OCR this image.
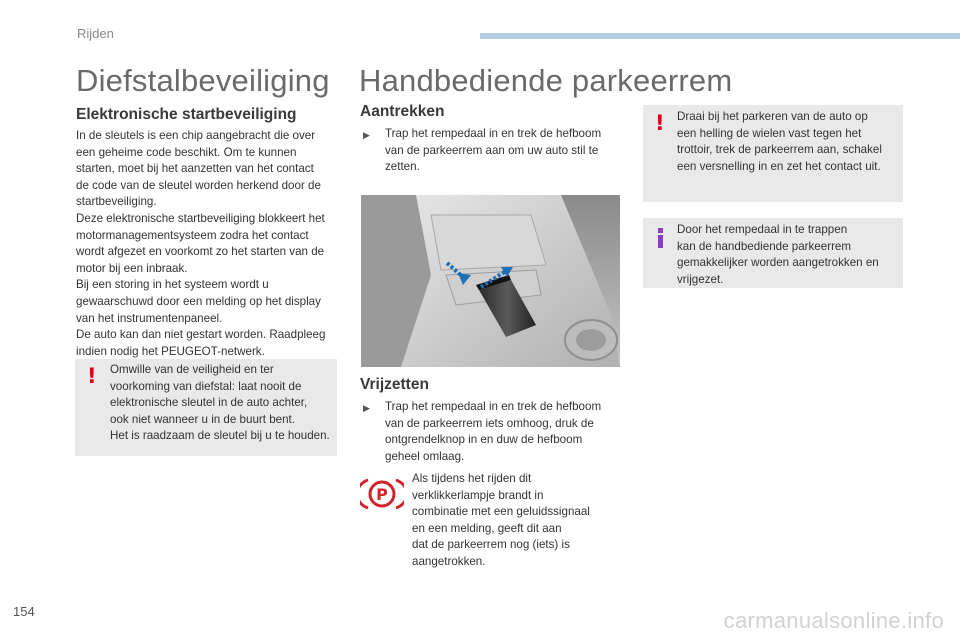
Rijden
Diefstalbeveiliging
Elektronische startbeveiliging
In de sleutels is een chip aangebracht die over
een geheime code beschikt. Om te kunnen
starten, moet bij het aanzetten van het contact
de code van de sleutel worden herkend door de
startbeveiliging.
Deze elektronische startbeveiliging blokkeert het
motormanagementsysteem zodra het contact
wordt afgezet en voorkomt zo het starten van de
motor bij een inbraak.
Bij een storing in het systeem wordt u
gewaarschuwd door een melding op het display
van het instrumentenpaneel.
De auto kan dan niet gestart worden. Raadpleeg
indien nodig het PEUGEOT-netwerk.
! Omwille van de veiligheid en ter
voorkoming van diefstal: laat nooit de
elektronische sleutel in de auto achter,
ook niet wanneer u in de buurt bent.
Het is raadzaam de sleutel bij u te houden.
Handbediende parkeerrem
Aantrekken
▶	Trap het rempedaal in en trek de hefboom
van de parkeerrem aan om uw auto stil te
zetten.
Vrijzetten
▶	Trap het rempedaal in en trek de hefboom
van de parkeerrem iets omhoog, druk de
ontgrendelknop in en duw de hefboom
geheel omlaag.
P
Als tijdens het rijden dit
verklikkerlampje brandt in
combinatie met een geluidssignaal
en een melding, geeft dit aan
dat de parkeerrem nog (iets) is
aangetrokken.
! Draai bij het parkeren van de auto op
een helling de wielen vast tegen het
trottoir, trek de parkeerrem aan, schakel
een versnelling in en zet het contact uit.
Door het rempedaal in te trappen
kan de handbediende parkeerrem
gemakkelijker worden aangetrokken en
vrijgezet.
154	carmanualsonline.info
